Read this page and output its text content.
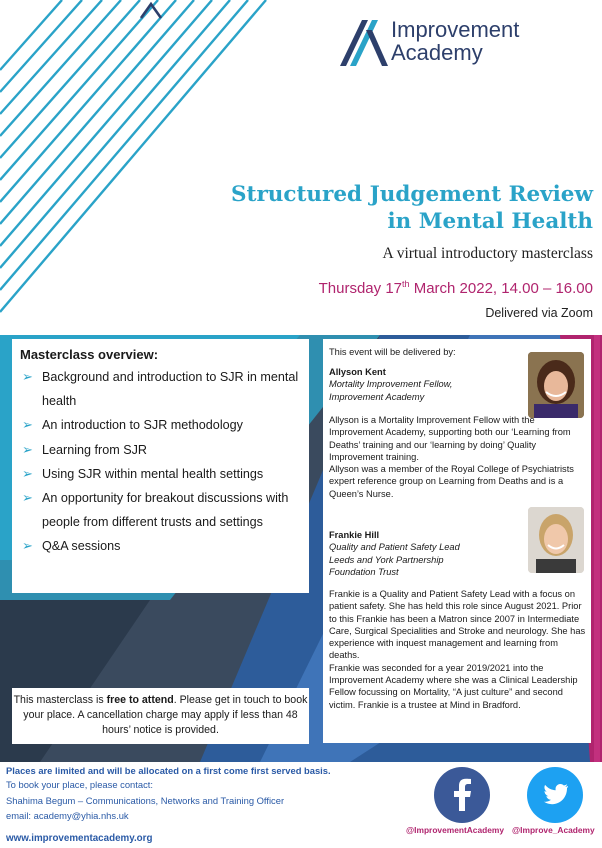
Improvement
Academy
Structured Judgement Review
in Mental Health
A virtual introductory masterclass
Thursday 17th March 2022, 14.00 – 16.00
Delivered via Zoom
Masterclass overview:
➢ Background and introduction to SJR in mental health
➢ An introduction to SJR methodology
➢ Learning from SJR
➢ Using SJR within mental health settings
➢ An opportunity for breakout discussions with people from different trusts and settings
➢ Q&A sessions
This masterclass is free to attend. Please get in touch to book your place. A cancellation charge may apply if less than 48 hours’ notice is provided.

This event will be delivered by:

Allyson Kent

Mortality Improvement Fellow,

Improvement Academy

Allyson is a Mortality Improvement Fellow with the Improvement Academy, supporting both our ‘Learning from Deaths’ training and our ‘learning by doing’ Quality Improvement training.

Allyson was a member of the Royal College of Psychiatrists expert reference group on Learning from Deaths and is a Queen’s Nurse.

Frankie Hill

Quality and Patient Safety Lead

Leeds and York Partnership

Foundation Trust

Frankie is a Quality and Patient Safety Lead with a focus on patient safety. She has held this role since August 2021. Prior to this Frankie has been a Matron since 2007 in Intermediate Care, Surgical Specialities and Stroke and neurology. She has experience with inquest management and learning from deaths.

Frankie was seconded for a year 2019/2021 into the Improvement Academy where she was a Clinical Leadership Fellow focussing on Mortality, “A just culture” and second victim. Frankie is a trustee at Mind in Bradford.

Places are limited and will be allocated on a first come first served basis.
To book your place, please contact:
Shahima Begum – Communications, Networks and Training Officer
email: academy@yhia.nhs.uk
www.improvementacademy.org
@ImprovementAcademy @Improve_Academy
